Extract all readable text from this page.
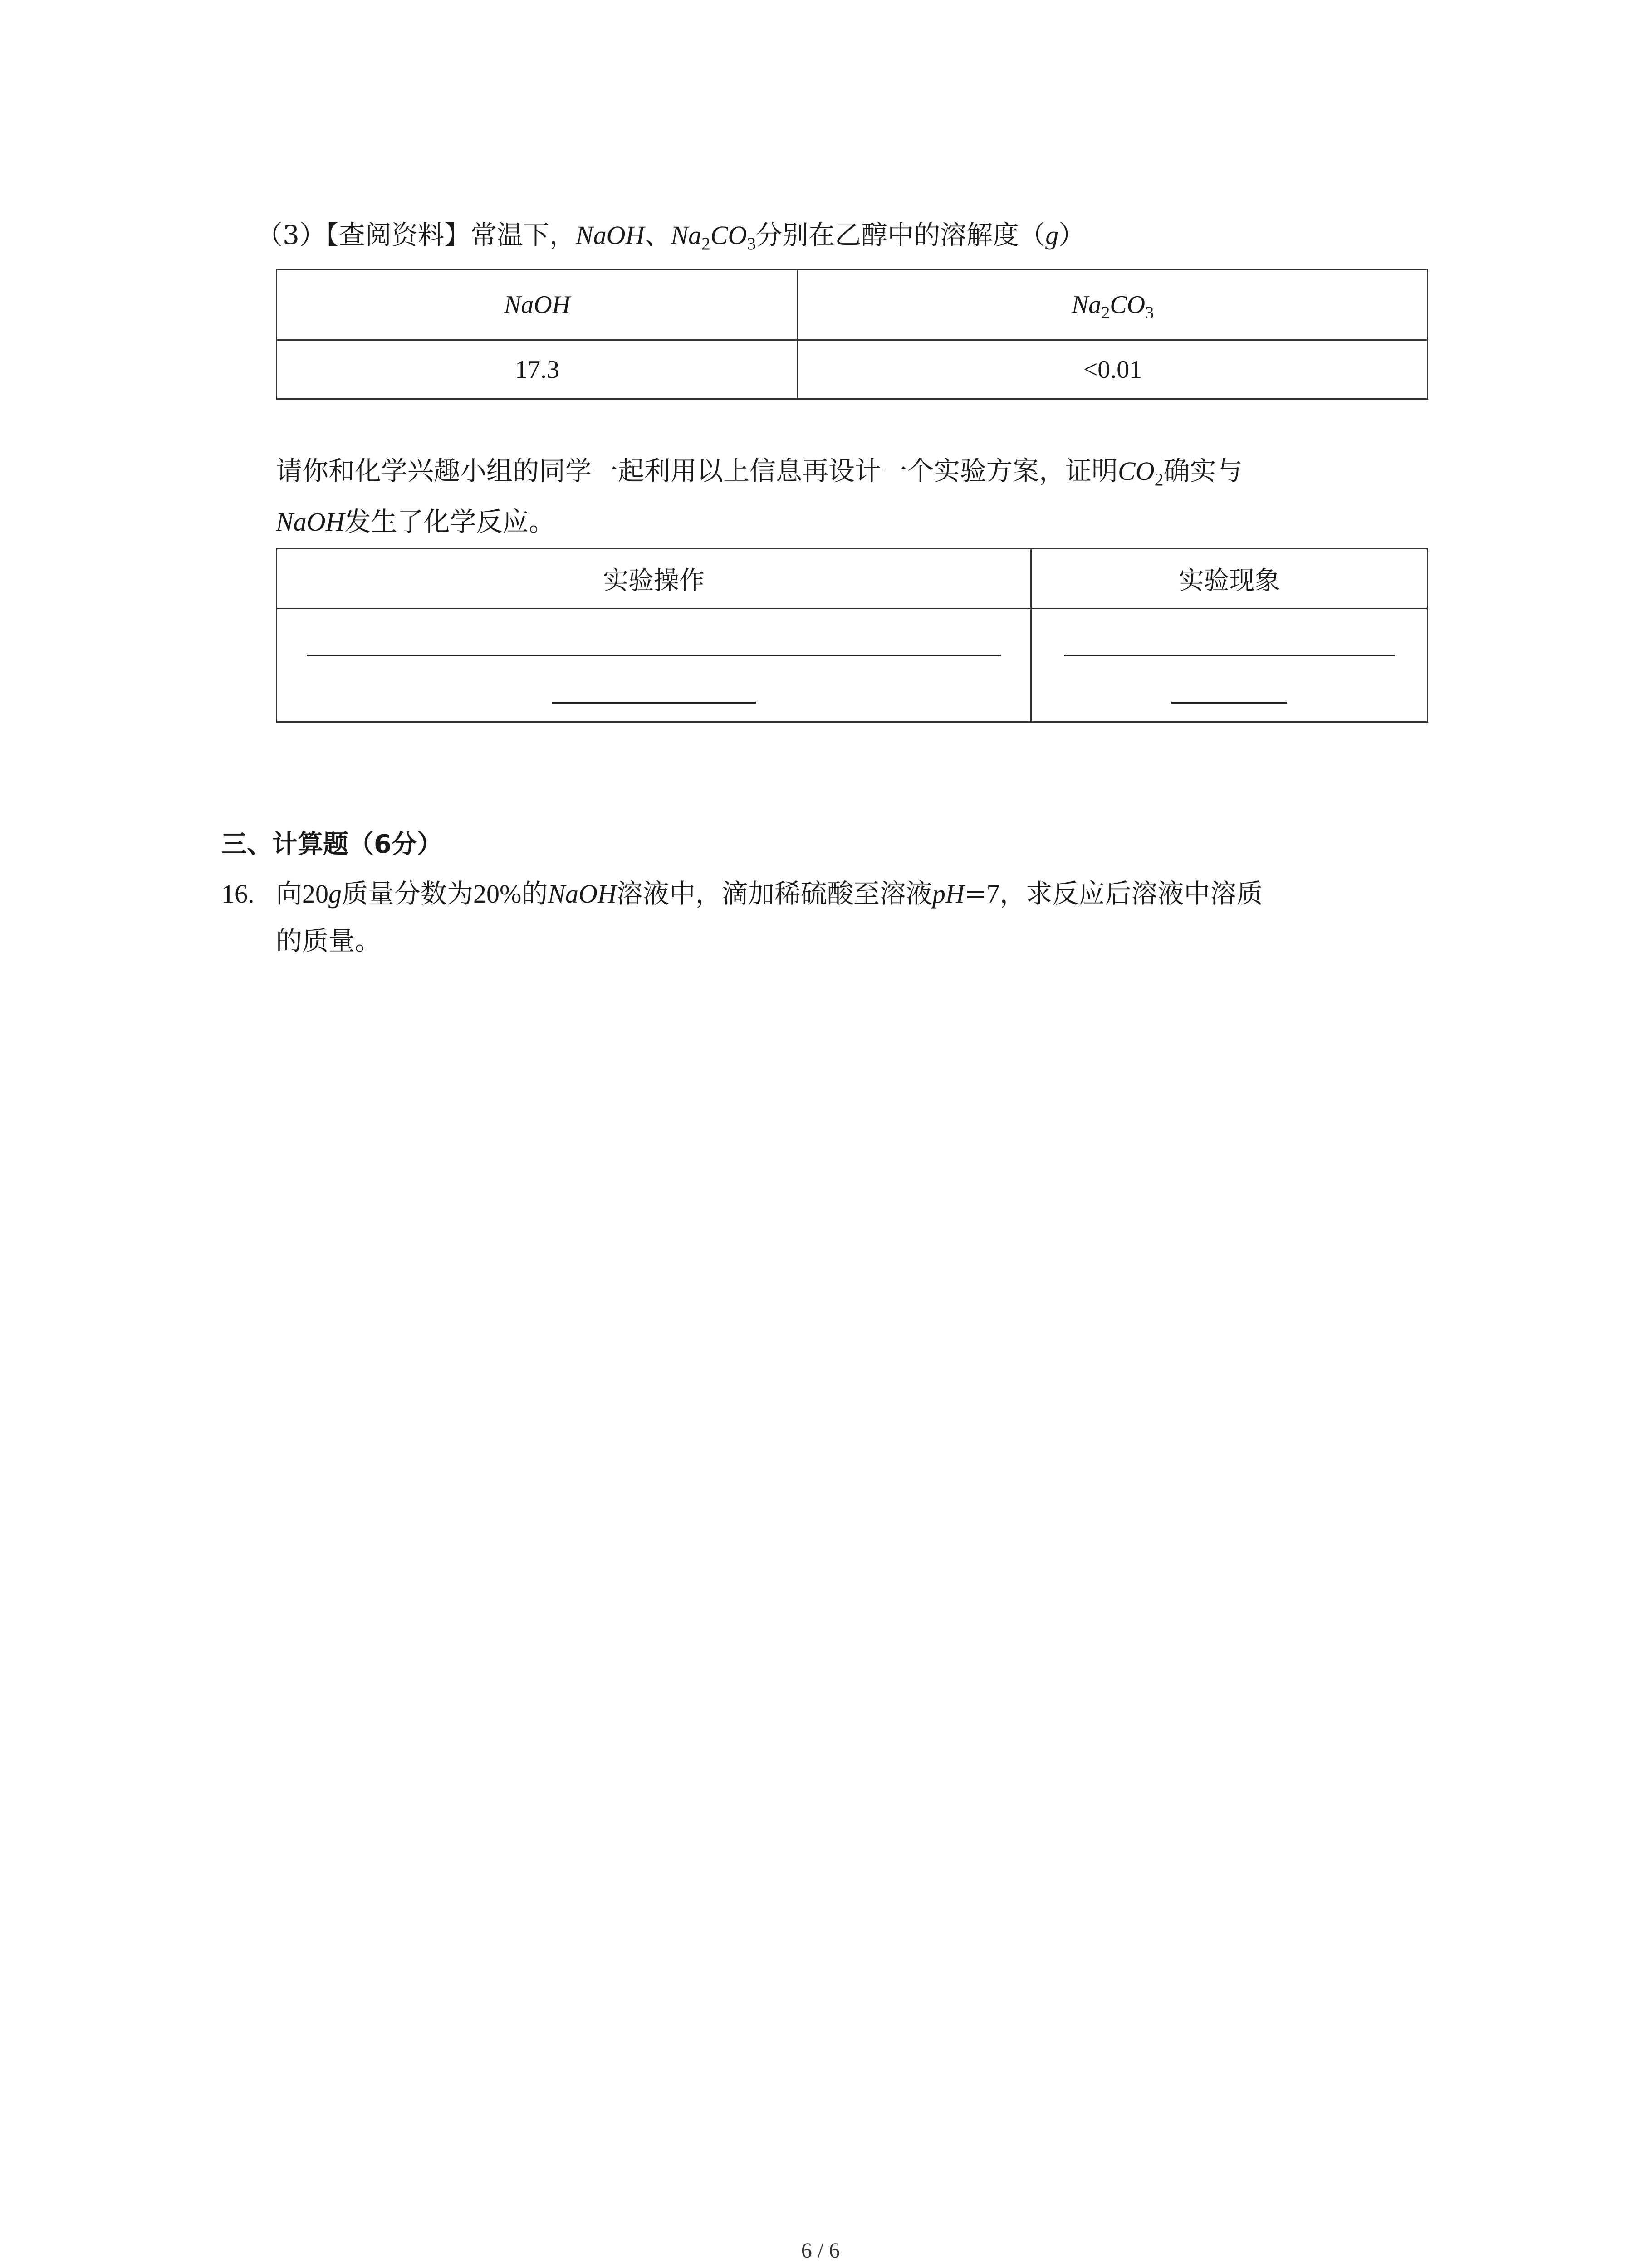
（3）【查阅资料】常温下，NaOH、$Na_2CO_3$分别在乙醇中的溶解度（g）
NaOH	$Na_2CO_3$
17.3	<0.01
请你和化学兴趣小组的同学一起利用以上信息再设计一个实验方案，证明$CO_2$确实与
NaOH发生了化学反应。
实验操作	实验现象

三、计算题（6分）
16. 向20g质量分数为20%的NaOH溶液中，滴加稀硫酸至溶液pH=7，求反应后溶液中溶质
的质量。
6 / 6
